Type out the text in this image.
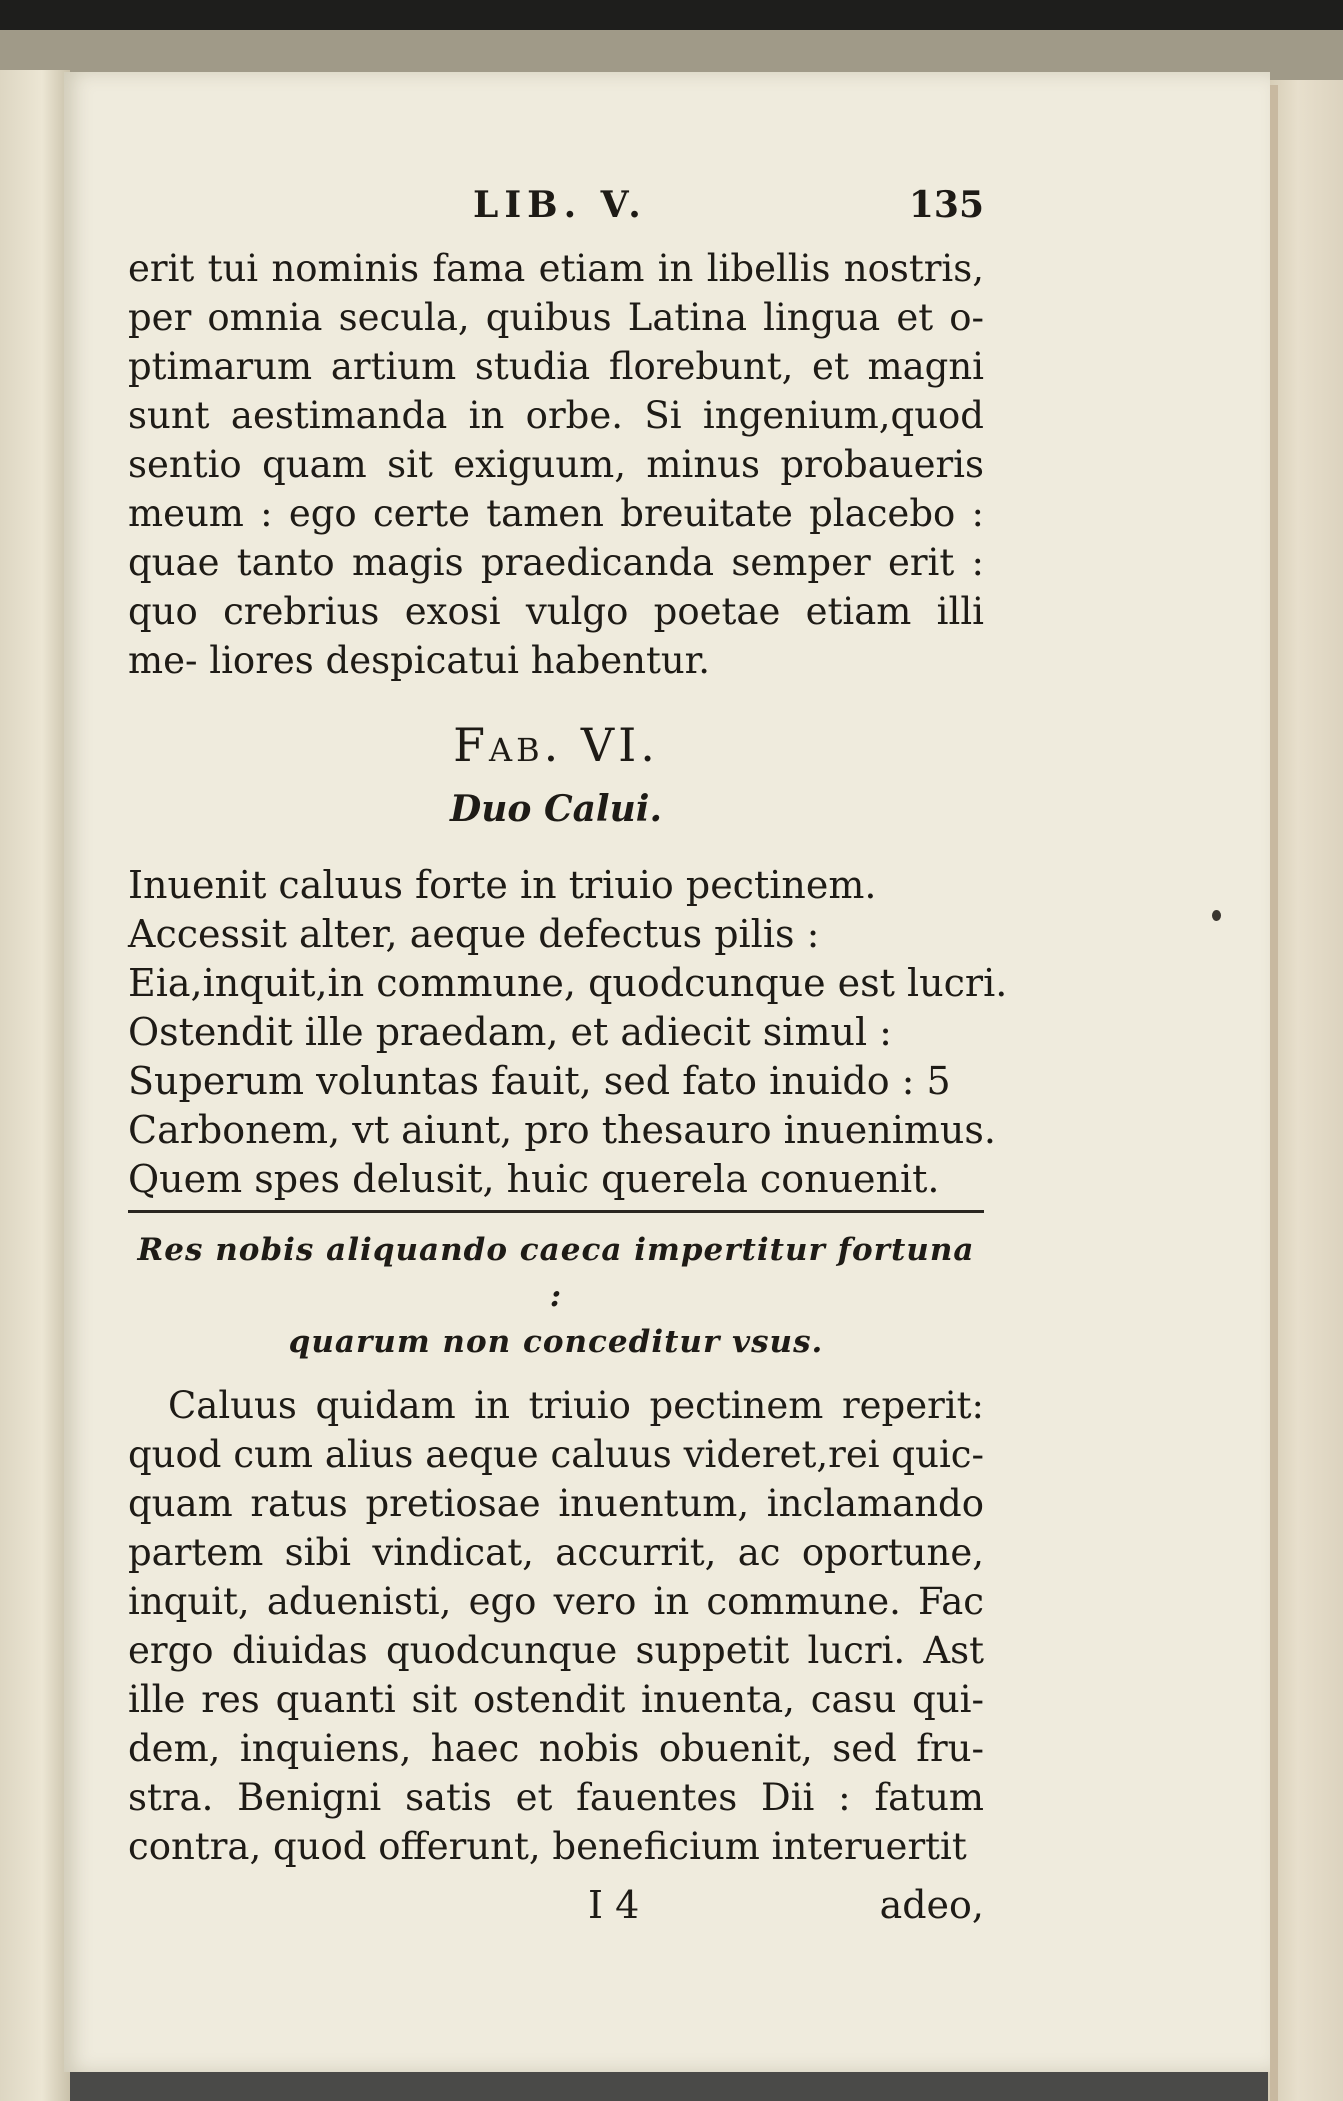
LIB. V.	135

erit tui nominis fama etiam in libellis nostris, per omnia secula, quibus Latina lingua et o- ptimarum artium studia florebunt, et magni sunt aestimanda in orbe. Si ingenium,quod sentio quam sit exiguum, minus probaueris meum : ego certe tamen breuitate placebo : quae tanto magis praedicanda semper erit : quo crebrius exosi vulgo poetae etiam illi me- liores despicatui habentur.

Fab. VI.
Duo Calui.
Inuenit caluus forte in triuio pectinem.
Accessit alter, aeque defectus pilis :
Eia,inquit,in commune, quodcunque est lucri.
Ostendit ille praedam, et adiecit simul :
Superum voluntas fauit, sed fato inuido : 5
Carbonem, vt aiunt, pro thesauro inuenimus.
Quem spes delusit, huic querela conuenit.

Res nobis aliquando caeca impertitur fortuna :

quarum non conceditur vsus.

Caluus quidam in triuio pectinem reperit: quod cum alius aeque caluus videret,rei quic- quam ratus pretiosae inuentum, inclamando partem sibi vindicat, accurrit, ac oportune, inquit, aduenisti, ego vero in commune. Fac ergo diuidas quodcunque suppetit lucri. Ast ille res quanti sit ostendit inuenta, casu qui- dem, inquiens, haec nobis obuenit, sed fru- stra. Benigni satis et fauentes Dii : fatum contra, quod offerunt, beneficium interuertit

I 4	adeo,
